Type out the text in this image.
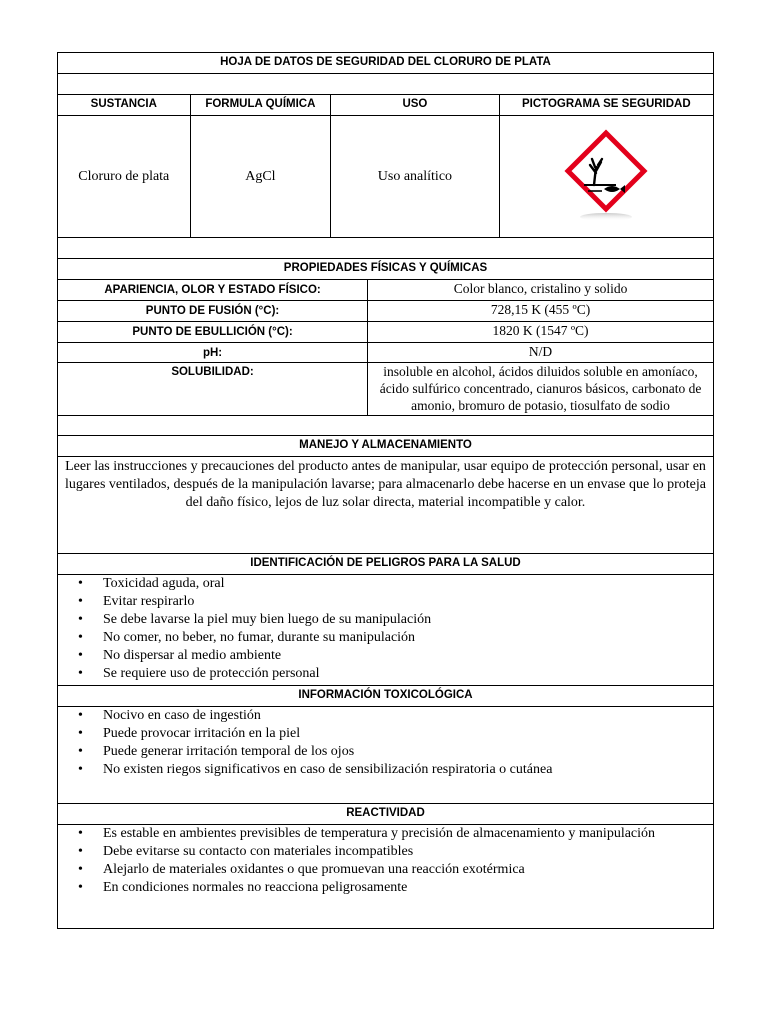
HOJA DE DATOS DE SEGURIDAD DEL CLORURO DE PLATA
SUSTANCIA	FORMULA QUÍMICA	USO	PICTOGRAMA SE SEGURIDAD
Cloruro de plata	AgCl	Uso analítico
PROPIEDADES FÍSICAS Y QUÍMICAS
APARIENCIA, OLOR Y ESTADO FÍSICO:	Color blanco, cristalino y solido
PUNTO DE FUSIÓN (°C):	728,15 K (455 ºC)
PUNTO DE EBULLICIÓN (°C):	1820 K (1547 ºC)
pH:	N/D
SOLUBILIDAD:	insoluble en alcohol, ácidos diluidos soluble en amoníaco, ácido sulfúrico concentrado, cianuros básicos, carbonato de amonio, bromuro de potasio, tiosulfato de sodio
MANEJO Y ALMACENAMIENTO
Leer las instrucciones y precauciones del producto antes de manipular, usar equipo de protección personal, usar en lugares ventilados, después de la manipulación lavarse; para almacenarlo debe hacerse en un envase que lo proteja del daño físico, lejos de luz solar directa, material incompatible y calor.
IDENTIFICACIÓN DE PELIGROS PARA LA SALUD
• Toxicidad aguda, oral
• Evitar respirarlo
• Se debe lavarse la piel muy bien luego de su manipulación
• No comer, no beber, no fumar, durante su manipulación
• No dispersar al medio ambiente
• Se requiere uso de protección personal
INFORMACIÓN TOXICOLÓGICA
• Nocivo en caso de ingestión
• Puede provocar irritación en la piel
• Puede generar irritación temporal de los ojos
• No existen riegos significativos en caso de sensibilización respiratoria o cutánea
REACTIVIDAD
• Es estable en ambientes previsibles de temperatura y precisión de almacenamiento y manipulación
• Debe evitarse su contacto con materiales incompatibles
• Alejarlo de materiales oxidantes o que promuevan una reacción exotérmica
• En condiciones normales no reacciona peligrosamente
